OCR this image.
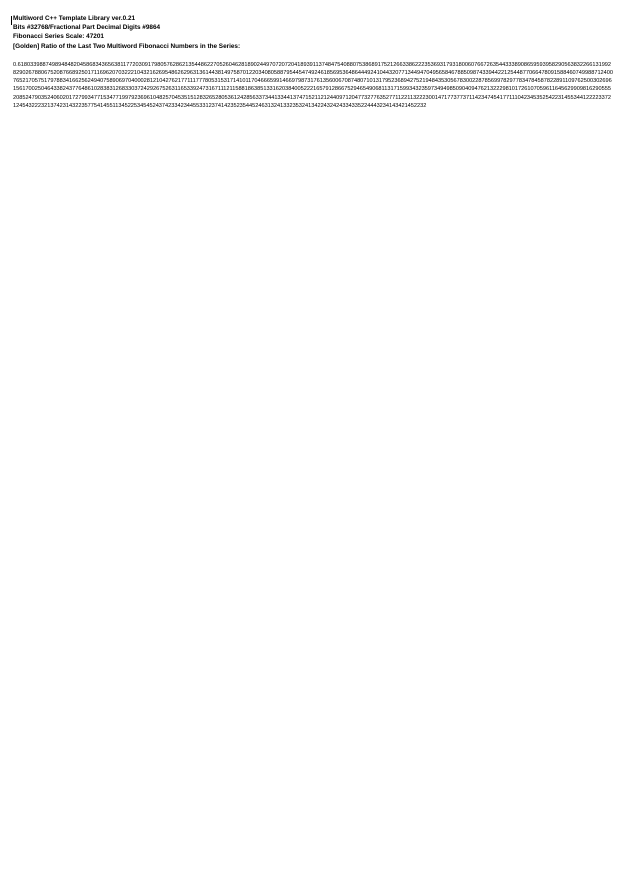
Multiword C++ Template Library ver.0.21

Bits #32768/Fractional Part Decimal Digits #9864

Fibonacci Series Scale: 47201

[Golden] Ratio of the Last Two Multiword Fibonacci Numbers in the Series:

0.6180339887498948482045868343656381177203091798057628621354486227052604628189024497072072041893911374847540880753868917521266338622235369317931800607667263544333890865959395829056383226613199282902678806752087668925017116962070322210432162695486262963136144381497587012203408058879544547492461856953648644492410443207713449470495658467885098743394422125448770664780915884607499887124007652170575179788341662562494075890697040002812104276217711177780531531714101170466659914669798731761356006708748071013179523689427521948435305678300228785699782977834784587822891109762500302696156170025046433824377648610283831268330372429267526311653392473167111211588186385133162038400522216579128667529465490681131715993432359734949850904094762132229810172610705961164562990981629055520852479035240602017279934771534771997923696104825704535151283265280536124285633734413344137471521121244097120477327763527711221132223001471773773711423474541771110423453525422314553441222233721245432223213742314322357754145511345225345452437423342344553312374142352354452463132413323532413422432424334335224443234143421452232
